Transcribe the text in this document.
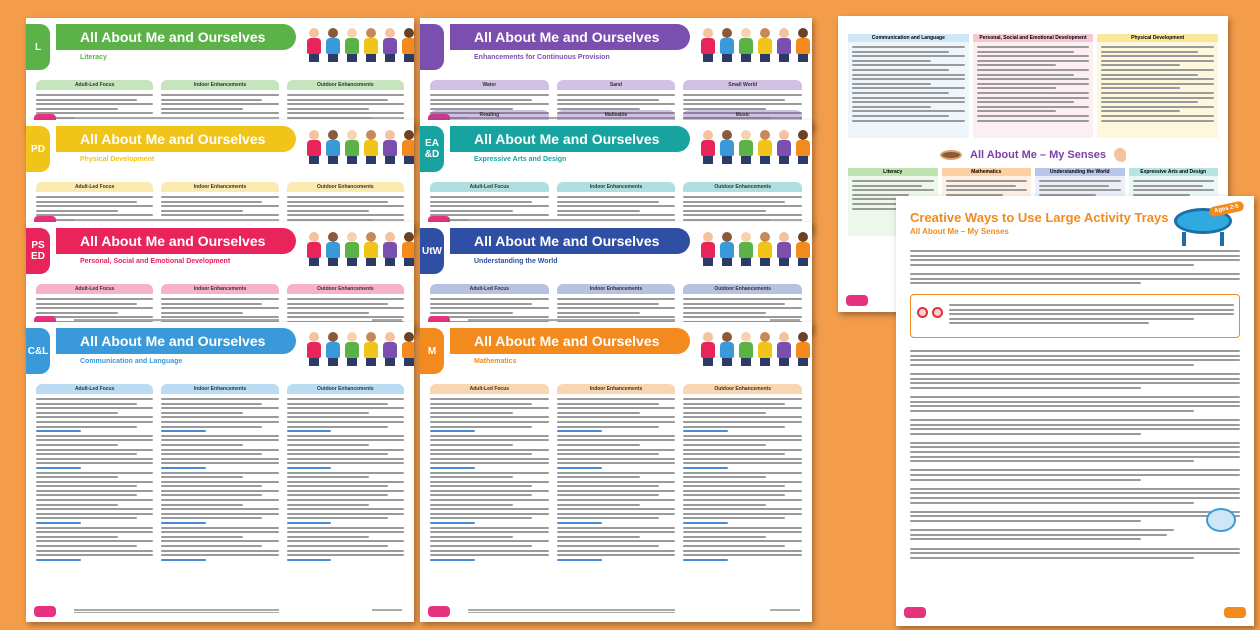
L
All About Me and Ourselves
Literacy
Adult-Led Focus	Indoor Enhancements	Outdoor Enhancements
PD
All About Me and Ourselves
Physical Development
Adult-Led Focus	Indoor Enhancements	Outdoor Enhancements
PS ED
All About Me and Ourselves
Personal, Social and Emotional Development
Adult-Led Focus	Indoor Enhancements	Outdoor Enhancements
C&L
All About Me and Ourselves
Communication and Language
Adult-Led Focus	Indoor Enhancements	Outdoor Enhancements
All About Me and Ourselves
Enhancements for Continuous Provision
Water	Sand	Small World
Reading	Malleable	Music
EA &D
All About Me and Ourselves
Expressive Arts and Design
Adult-Led Focus	Indoor Enhancements	Outdoor Enhancements
UtW
All About Me and Ourselves
Understanding the World
Adult-Led Focus	Indoor Enhancements	Outdoor Enhancements
M
All About Me and Ourselves
Mathematics
Adult-Led Focus	Indoor Enhancements	Outdoor Enhancements
Communication and Language	Personal, Social and Emotional Development	Physical Development
All About Me – My Senses
Literacy	Mathematics	Understanding the World	Expressive Arts and Design
Ages 2-5
Creative Ways to Use Large Activity Trays
All About Me – My Senses
